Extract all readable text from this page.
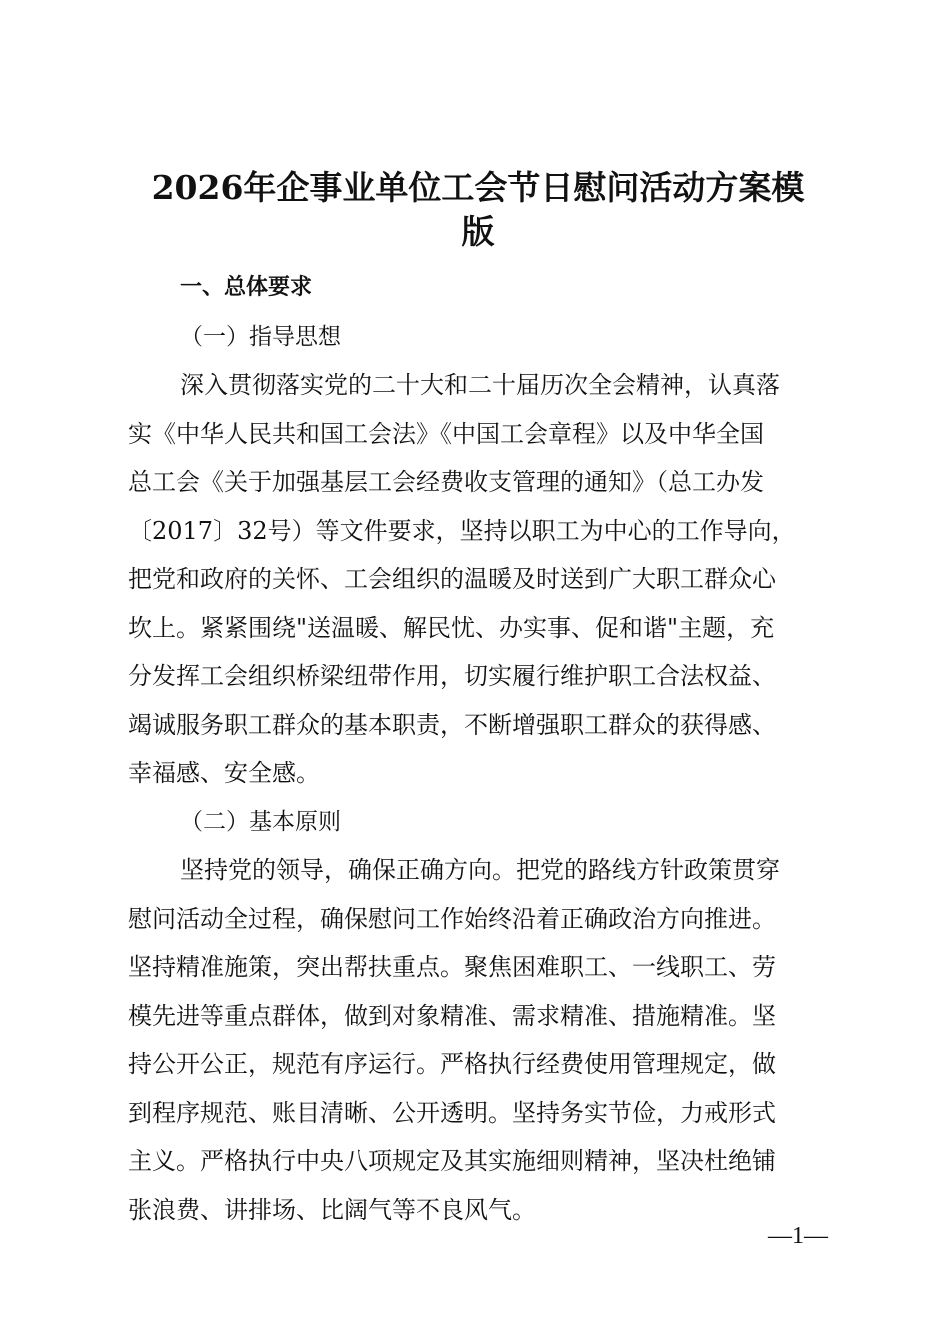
2026年企事业单位工会节日慰问活动方案模
版
一、总体要求
（一）指导思想
深入贯彻落实党的二十大和二十届历次全会精神，认真落
实《中华人民共和国工会法》《中国工会章程》以及中华全国
总工会《关于加强基层工会经费收支管理的通知》（总工办发
〔2017〕32号）等文件要求，坚持以职工为中心的工作导向，
把党和政府的关怀、工会组织的温暖及时送到广大职工群众心
坎上。紧紧围绕"送温暖、解民忧、办实事、促和谐"主题，充
分发挥工会组织桥梁纽带作用，切实履行维护职工合法权益、
竭诚服务职工群众的基本职责，不断增强职工群众的获得感、
幸福感、安全感。
（二）基本原则
坚持党的领导，确保正确方向。把党的路线方针政策贯穿
慰问活动全过程，确保慰问工作始终沿着正确政治方向推进。
坚持精准施策，突出帮扶重点。聚焦困难职工、一线职工、劳
模先进等重点群体，做到对象精准、需求精准、措施精准。坚
持公开公正，规范有序运行。严格执行经费使用管理规定，做
到程序规范、账目清晰、公开透明。坚持务实节俭，力戒形式
主义。严格执行中央八项规定及其实施细则精神，坚决杜绝铺
张浪费、讲排场、比阔气等不良风气。
—1—
